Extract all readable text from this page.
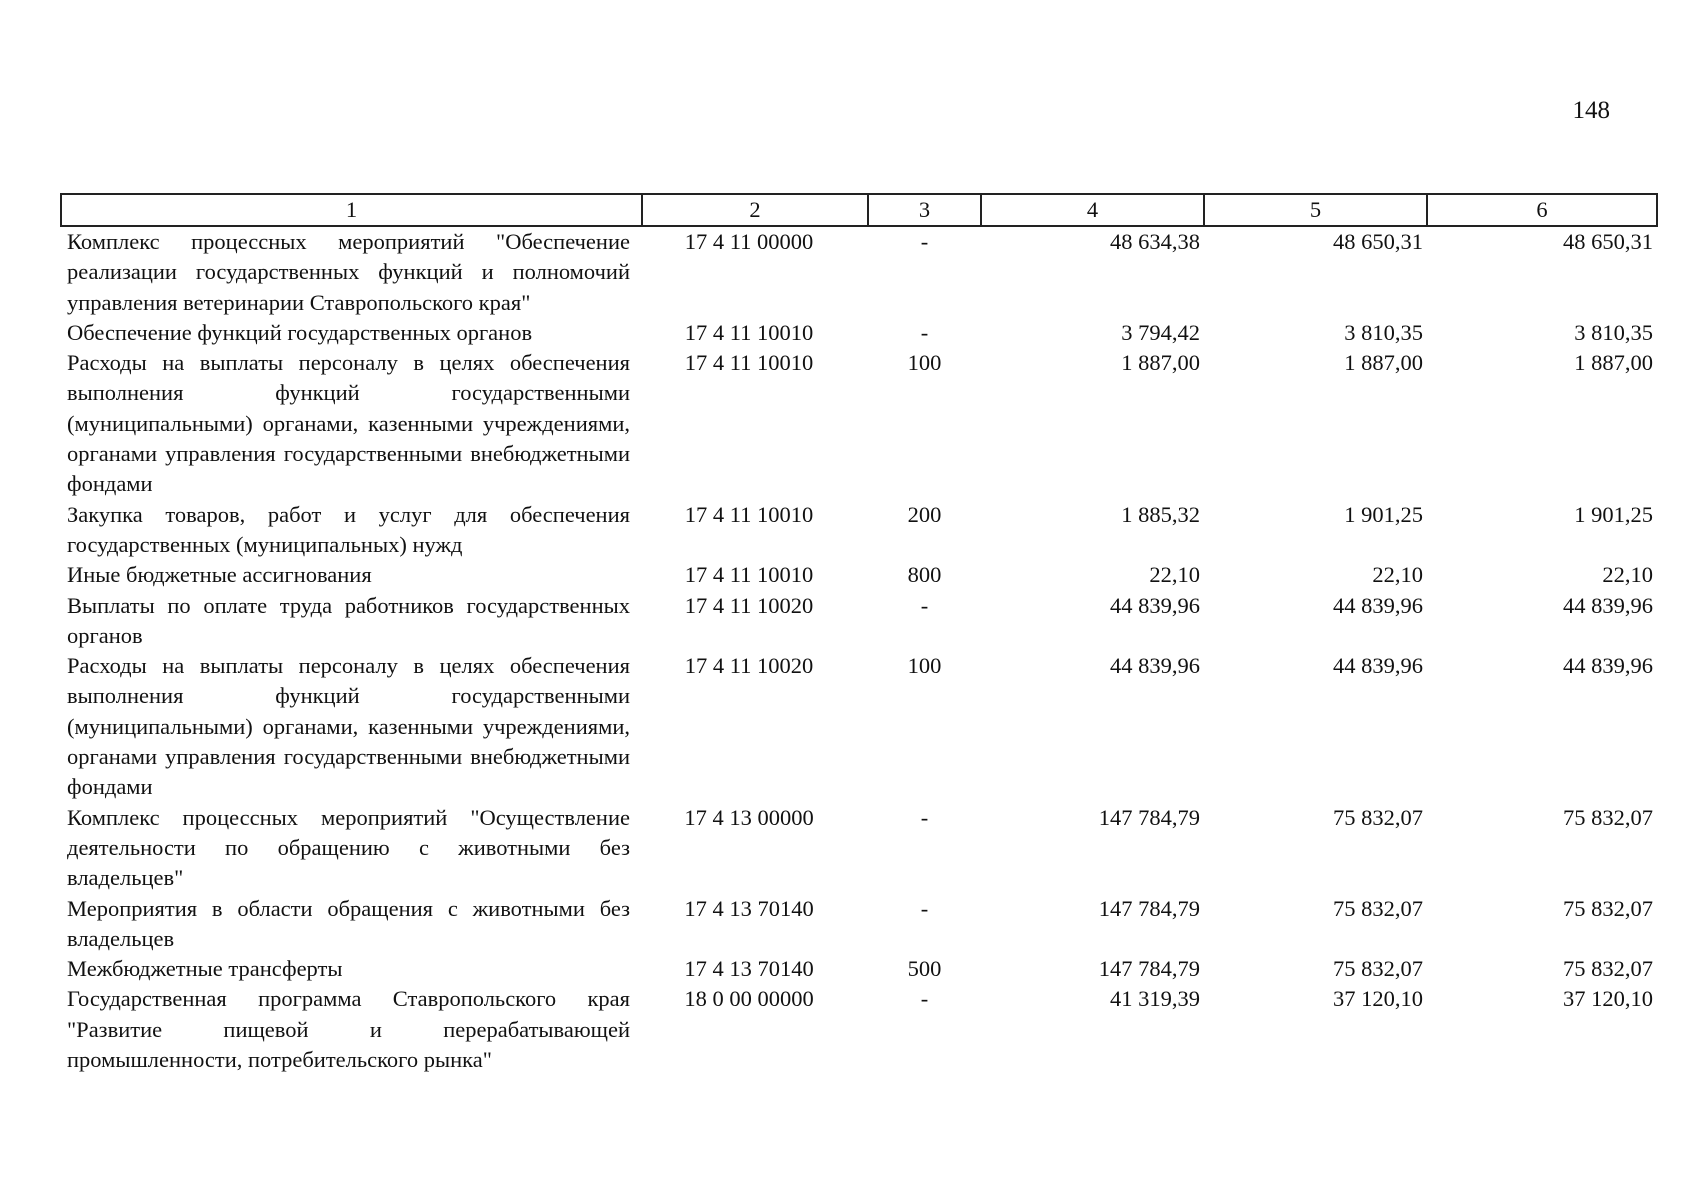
148
1	2	3	4	5	6
Комплекс процессных мероприятий "Обеспечение реализации государственных функций и полномочий управления ветеринарии Ставропольского края"	17 4 11 00000	-	48 634,38	48 650,31	48 650,31
Обеспечение функций государственных органов	17 4 11 10010	-	3 794,42	3 810,35	3 810,35
Расходы на выплаты персоналу в целях обеспечения выполнения функций государственными (муниципальными) органами, казенными учреждениями, органами управления государственными внебюджетными фондами	17 4 11 10010	100	1 887,00	1 887,00	1 887,00
Закупка товаров, работ и услуг для обеспечения государственных (муниципальных) нужд	17 4 11 10010	200	1 885,32	1 901,25	1 901,25
Иные бюджетные ассигнования	17 4 11 10010	800	22,10	22,10	22,10
Выплаты по оплате труда работников государственных органов	17 4 11 10020	-	44 839,96	44 839,96	44 839,96
Расходы на выплаты персоналу в целях обеспечения выполнения функций государственными (муниципальными) органами, казенными учреждениями, органами управления государственными внебюджетными фондами	17 4 11 10020	100	44 839,96	44 839,96	44 839,96
Комплекс процессных мероприятий "Осуществление деятельности по обращению с животными без владельцев"	17 4 13 00000	-	147 784,79	75 832,07	75 832,07
Мероприятия в области обращения с животными без владельцев	17 4 13 70140	-	147 784,79	75 832,07	75 832,07
Межбюджетные трансферты	17 4 13 70140	500	147 784,79	75 832,07	75 832,07
Государственная программа Ставропольского края "Развитие пищевой и перерабатывающей промышленности, потребительского рынка"	18 0 00 00000	-	41 319,39	37 120,10	37 120,10
